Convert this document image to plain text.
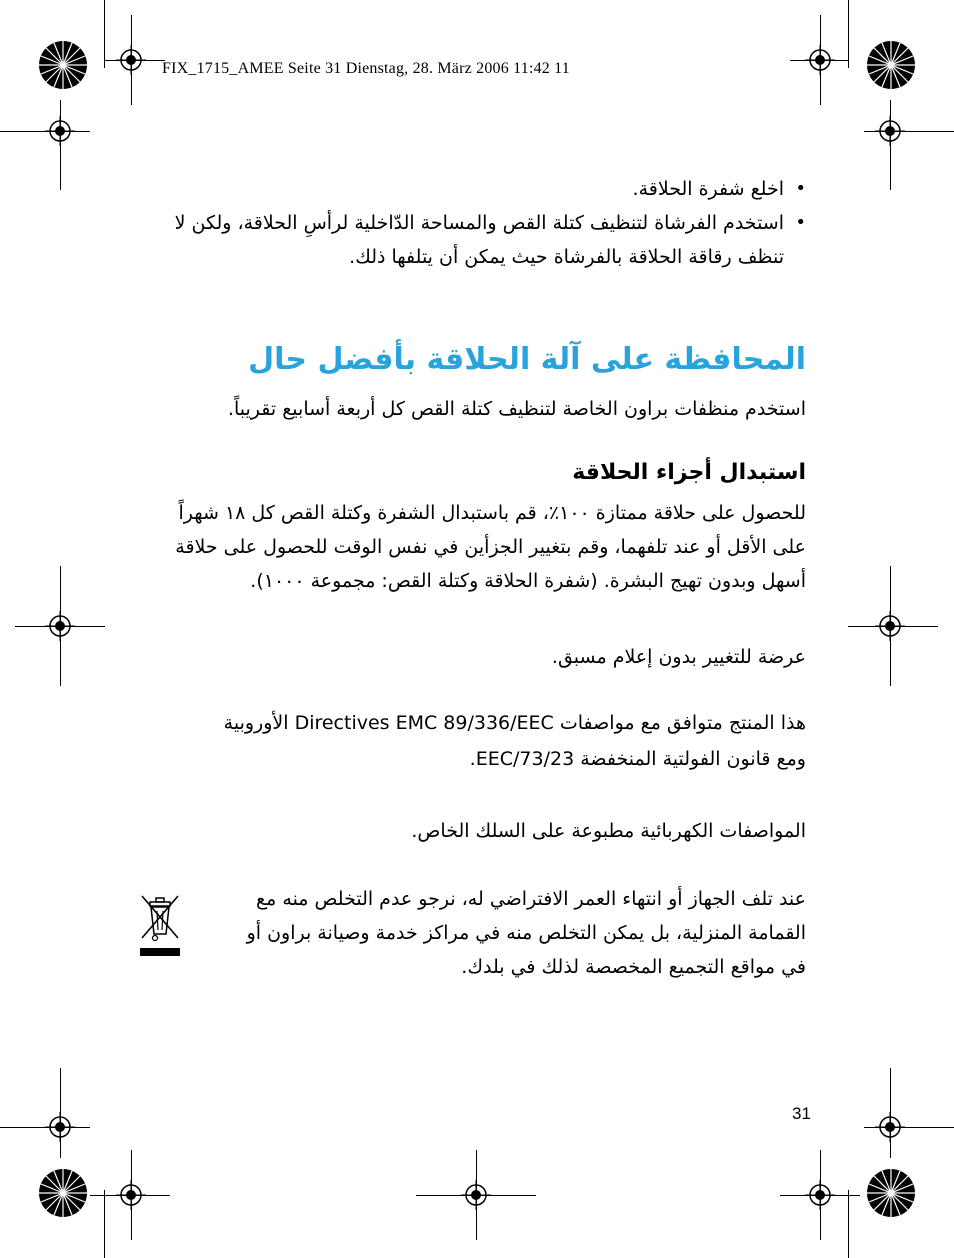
FIX_1715_AMEE Seite 31 Dienstag, 28. März 2006 11:42 11
• اخلع شفرة الحلاقة.
• استخدم الفرشاة لتنظيف كتلة القص والمساحة الدّاخلية لرأسِ الحلاقة، ولكن لا تنظف رقاقة الحلاقة بالفرشاة حيث يمكن أن يتلفها ذلك.
المحافظة على آلة الحلاقة بأفضل حال
استخدم منظفات براون الخاصة لتنظيف كتلة القص كل أربعة أسابيع تقريباً.
استبدال أجزاء الحلاقة
للحصول على حلاقة ممتازة ١٠٠٪، قم باستبدال الشفرة وكتلة القص كل ١٨ شهراً على الأقل أو عند تلفهما، وقم بتغيير الجزأين في نفس الوقت للحصول على حلاقة أسهل وبدون تهيج البشرة. (شفرة الحلاقة وكتلة القص: مجموعة ١٠٠٠).
عرضة للتغيير بدون إعلام مسبق.
هذا المنتج متوافق مع مواصفات Directives EMC 89/336/EEC الأوروبية
ومع قانون الفولتية المنخفضة 73/23/EEC.
المواصفات الكهربائية مطبوعة على السلك الخاص.
عند تلف الجهاز أو انتهاء العمر الافتراضي له، نرجو عدم التخلص منه مع القمامة المنزلية، بل يمكن التخلص منه في مراكز خدمة وصيانة براون أو في مواقع التجميع المخصصة لذلك في بلدك.
31
